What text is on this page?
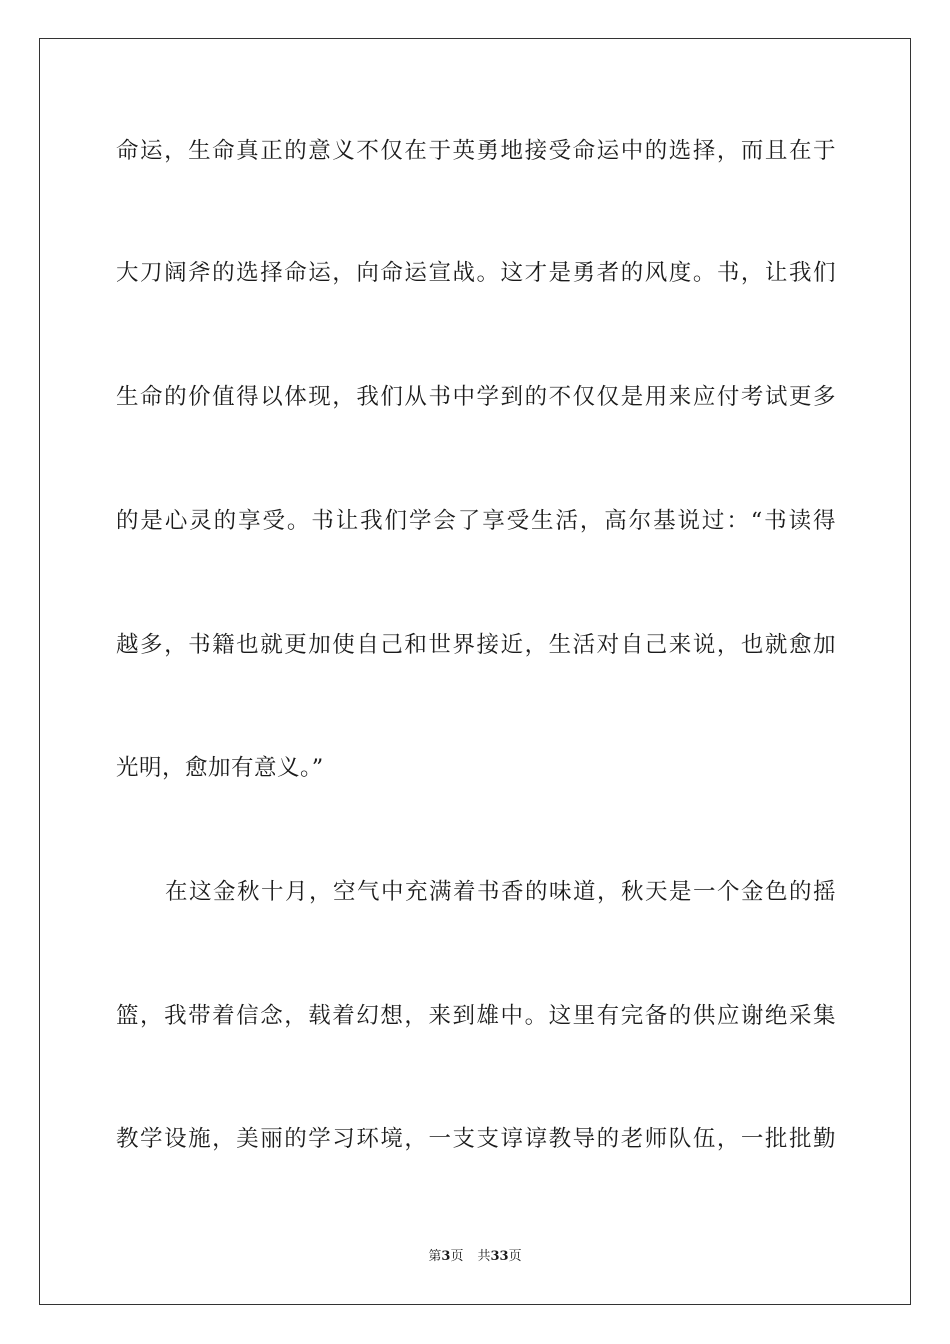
命运，生命真正的意义不仅在于英勇地接受命运中的选择，而且在于
大刀阔斧的选择命运，向命运宣战。这才是勇者的风度。书，让我们
生命的价值得以体现，我们从书中学到的不仅仅是用来应付考试更多
的是心灵的享受。书让我们学会了享受生活，高尔基说过：“书读得
越多，书籍也就更加使自己和世界接近，生活对自己来说，也就愈加
光明，愈加有意义。”
在这金秋十月，空气中充满着书香的味道，秋天是一个金色的摇
篮，我带着信念，载着幻想，来到雄中。这里有完备的供应谢绝采集
教学设施，美丽的学习环境，一支支谆谆教导的老师队伍，一批批勤
第3页 共33页
